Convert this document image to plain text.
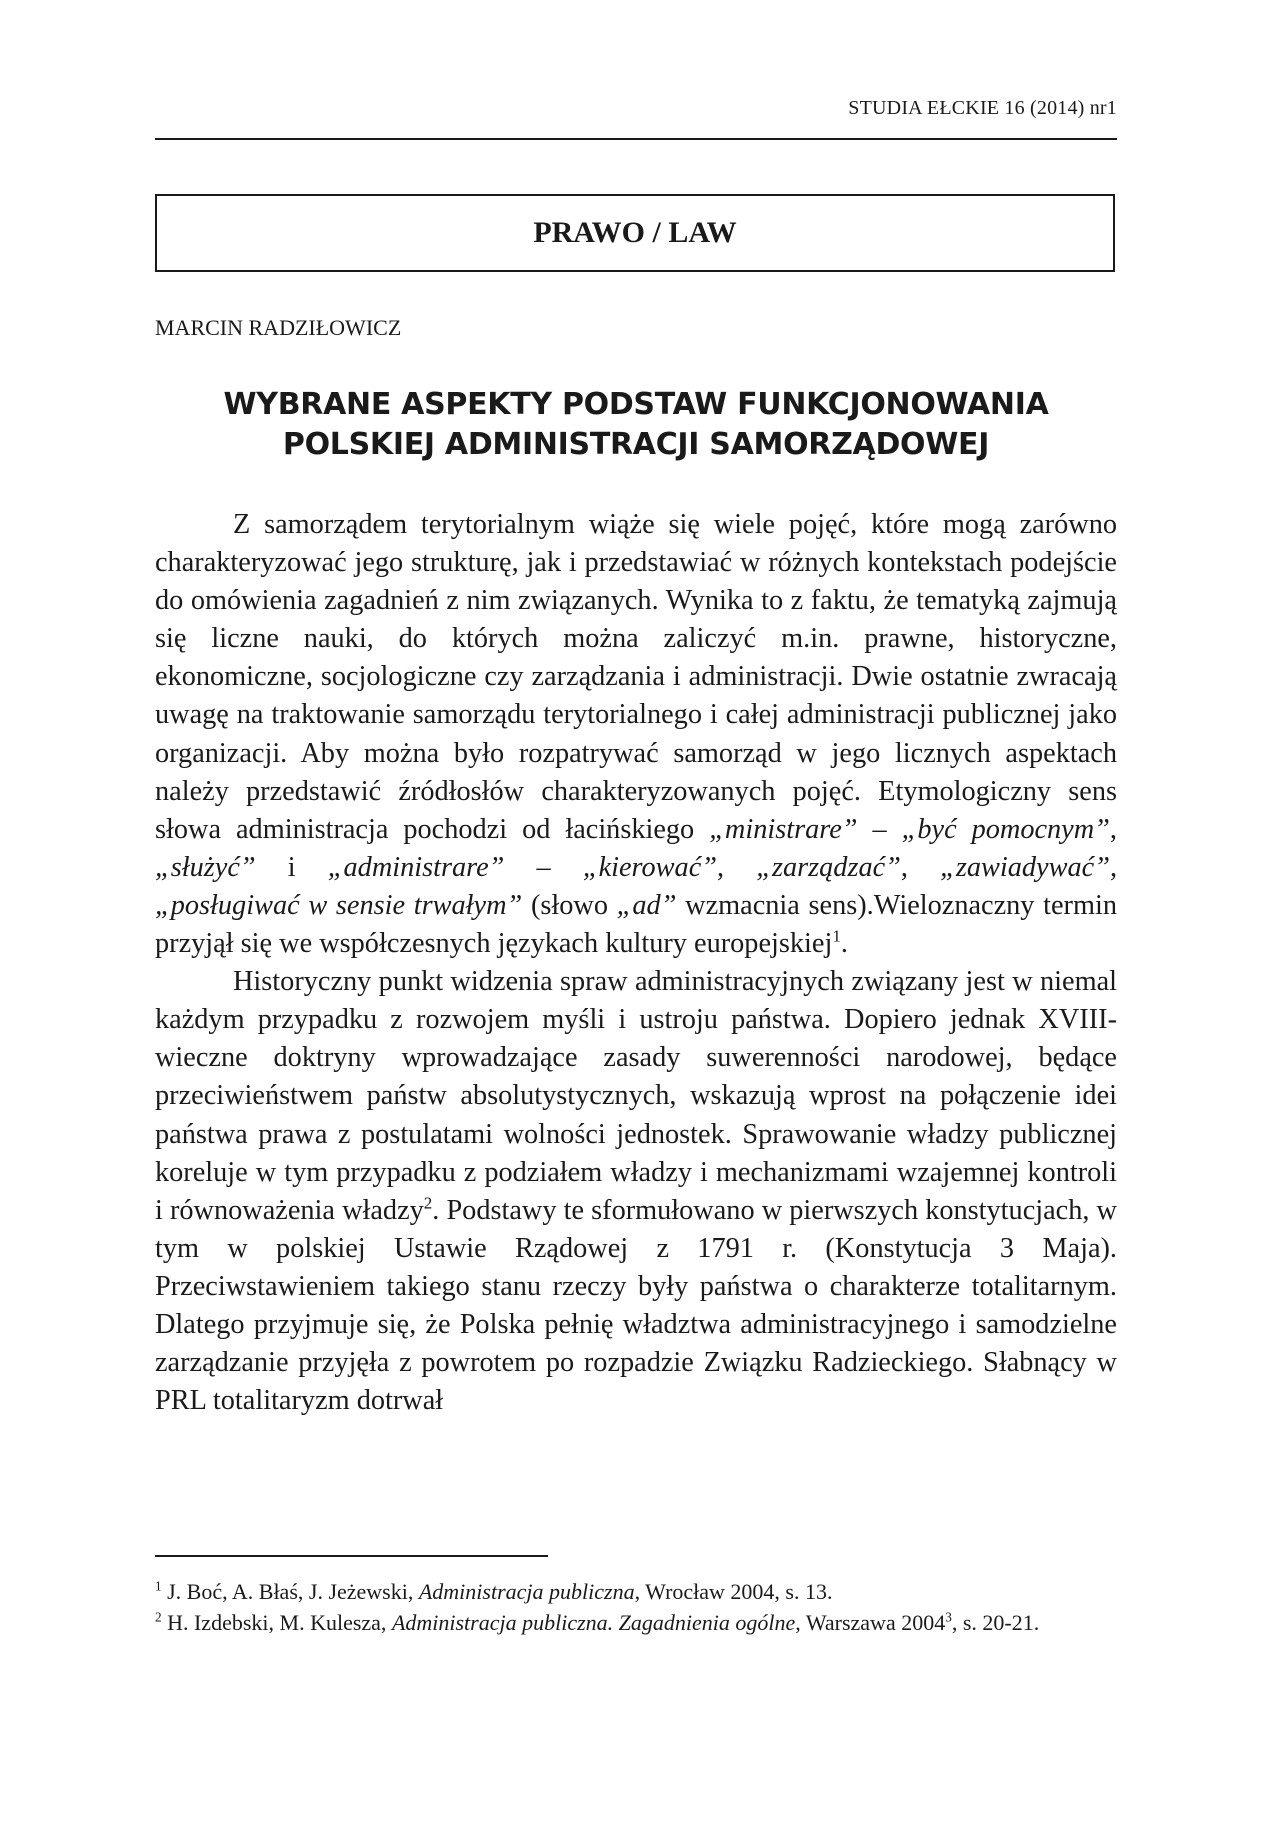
STUDIA EŁCKIE 16 (2014) nr1
PRAWO / LAW
MARCIN RADZIŁOWICZ
WYBRANE ASPEKTY PODSTAW FUNKCJONOWANIA
POLSKIEJ ADMINISTRACJI SAMORZĄDOWEJ

Z samorządem terytorialnym wiąże się wiele pojęć, które mogą zarówno charakteryzować jego strukturę, jak i przedstawiać w różnych kontekstach podejście do omówienia zagadnień z nim związanych. Wynika to z faktu, że tematyką zajmują się liczne nauki, do których można zaliczyć m.in. prawne, historyczne, ekonomiczne, socjologiczne czy zarządzania i administracji. Dwie ostatnie zwracają uwagę na traktowanie samorządu terytorialnego i całej administracji publicznej jako organizacji. Aby można było rozpatrywać samorząd w jego licznych aspektach należy przedstawić źródłosłów charakteryzowanych pojęć. Etymologiczny sens słowa administracja pochodzi od łacińskiego „ministrare” – „być pomocnym”, „służyć” i „administrare” – „kierować”, „zarządzać”, „zawiadywać”, „posługiwać w sensie trwałym” (słowo „ad” wzmacnia sens).Wieloznaczny termin przyjął się we współczesnych językach kultury europejskiej$^1$.

Historyczny punkt widzenia spraw administracyjnych związany jest w niemal każdym przypadku z rozwojem myśli i ustroju państwa. Dopiero jednak XVIII-wieczne doktryny wprowadzające zasady suwerenności narodowej, będące przeciwieństwem państw absolutystycznych, wskazują wprost na połączenie idei państwa prawa z postulatami wolności jednostek. Sprawowanie władzy publicznej koreluje w tym przypadku z podziałem władzy i mechanizmami wzajemnej kontroli i równoważenia władzy$^2$. Podstawy te sformułowano w pierwszych konstytucjach, w tym w polskiej Ustawie Rządowej z 1791 r. (Konstytucja 3 Maja). Przeciwstawieniem takiego stanu rzeczy były państwa o charakterze totalitarnym. Dlatego przyjmuje się, że Polska pełnię władztwa administracyjnego i samodzielne zarządzanie przyjęła z powrotem po rozpadzie Związku Radzieckiego. Słabnący w PRL totalitaryzm dotrwał

$^1$ J. Boć, A. Błaś, J. Jeżewski, Administracja publiczna, Wrocław 2004, s. 13.

$^2$ H. Izdebski, M. Kulesza, Administracja publiczna. Zagadnienia ogólne, Warszawa 2004$^3$, s. 20-21.
